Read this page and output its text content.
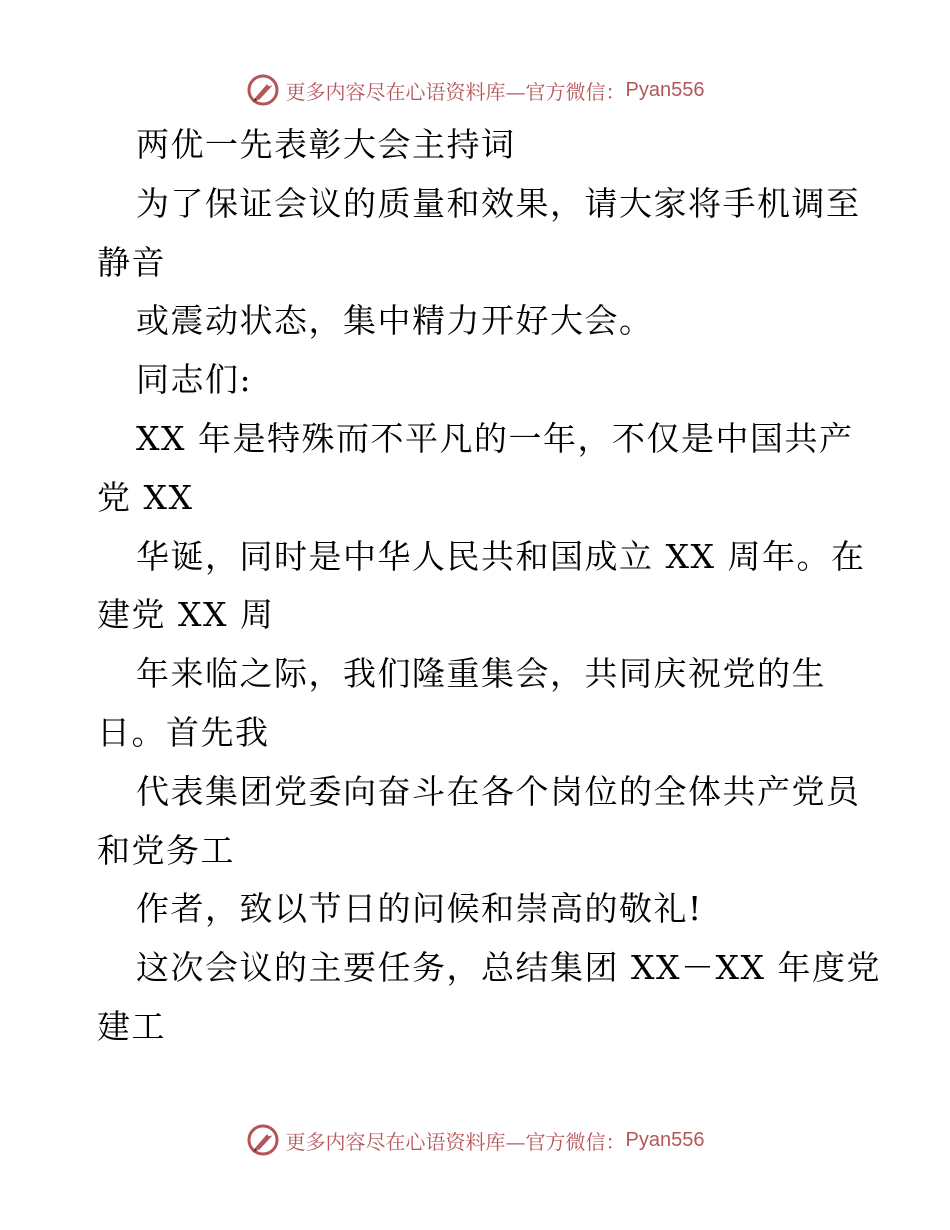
更多内容尽在心语资料库—官方微信： Pyan556
两优一先表彰大会主持词
为了保证会议的质量和效果，请大家将手机调至
静音
或震动状态，集中精力开好大会。
同志们:
XX 年是特殊而不平凡的一年，不仅是中国共产
党 XX
华诞，同时是中华人民共和国成立 XX 周年。在
建党 XX 周
年来临之际，我们隆重集会，共同庆祝党的生
日。首先我
代表集团党委向奋斗在各个岗位的全体共产党员
和党务工
作者，致以节日的问候和崇高的敬礼!
这次会议的主要任务，总结集团 XX－XX 年度党
建工
更多内容尽在心语资料库—官方微信： Pyan556
